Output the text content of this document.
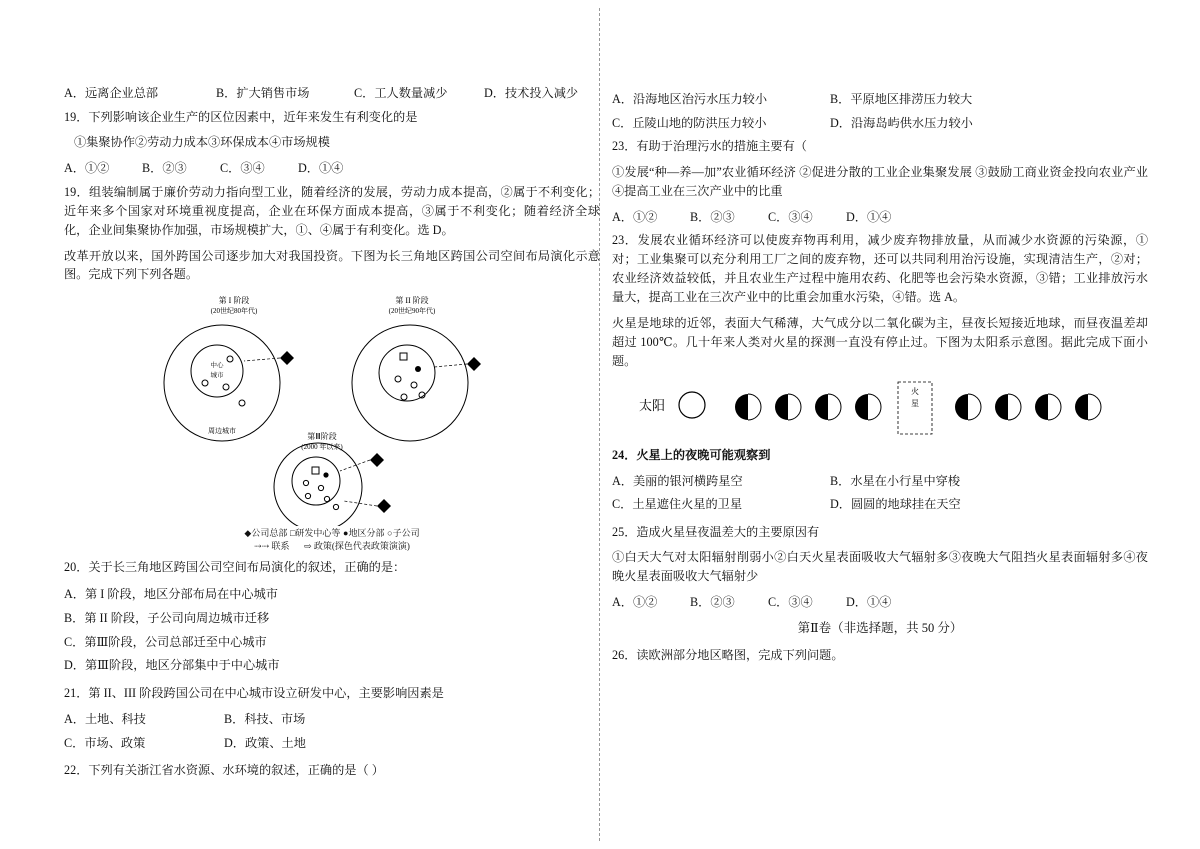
A．远离企业总部	B．扩大销售市场	C．工人数量减少	D．技术投入减少

19．下列影响该企业生产的区位因素中，近年来发生有利变化的是

①集聚协作②劳动力成本③环保成本④市场规模

A．①②	B．②③	C．③④	D．①④

19．组装编制属于廉价劳动力指向型工业，随着经济的发展，劳动力成本提高，②属于不利变化；近年来多个国家对环境重视度提高，企业在环保方面成本提高，③属于不利变化；随着经济全球化，企业间集聚协作加强，市场规模扩大，①、④属于有利变化。选 D。

改革开放以来，国外跨国公司逐步加大对我国投资。下图为长三角地区跨国公司空间布局演化示意图。完成下列下列各题。

第 I 阶段
(20世纪80年代)
中心
城市
周边城市
第 II 阶段
(20世纪90年代)
第Ⅲ阶段
(2000 年以来)
◆公司总部 □研发中心等 ●地区分部 ○子公司
⇢⇢ 联系 ⇨ 政策(探色代表政策演演)

20．关于长三角地区跨国公司空间布局演化的叙述，正确的是：

A．第 I 阶段，地区分部布局在中心城市
B．第 II 阶段，子公司向周边城市迁移
C．第Ⅲ阶段，公司总部迁至中心城市
D．第Ⅲ阶段，地区分部集中于中心城市

21．第 II、III 阶段跨国公司在中心城市设立研发中心，主要影响因素是

A．土地、科技	B．科技、市场
C．市场、政策	D．政策、土地

22．下列有关浙江省水资源、水环境的叙述，正确的是（ ）

A．沿海地区治污水压力较小	B．平原地区排涝压力较大
C．丘陵山地的防洪压力较小	D．沿海岛屿供水压力较小

23．有助于治理污水的措施主要有（

①发展“种—养—加”农业循环经济 ②促进分散的工业企业集聚发展 ③鼓励工商业资金投向农业产业 ④提高工业在三次产业中的比重

A．①②	B．②③	C．③④	D．①④

23．发展农业循环经济可以使废弃物再利用，减少废弃物排放量，从而减少水资源的污染源，①对；工业集聚可以充分利用工厂之间的废弃物，还可以共同利用治污设施，实现清洁生产，②对；农业经济效益较低，并且农业生产过程中施用农药、化肥等也会污染水资源，③错；工业排放污水量大，提高工业在三次产业中的比重会加重水污染，④错。选 A。

火星是地球的近邻，表面大气稀薄，大气成分以二氧化碳为主，昼夜长短接近地球，而昼夜温差却超过 100℃。几十年来人类对火星的探测一直没有停止过。下图为太阳系示意图。据此完成下面小题。

太阳
火
星

24．火星上的夜晚可能观察到

A．美丽的银河横跨星空	B．水星在小行星中穿梭
C．土星遮住火星的卫星	D．圆圆的地球挂在天空

25．造成火星昼夜温差大的主要原因有

①白天大气对太阳辐射削弱小②白天火星表面吸收大气辐射多③夜晚大气阻挡火星表面辐射多④夜晚火星表面吸收大气辐射少

A．①②	B．②③	C．③④	D．①④

第Ⅱ卷（非选择题，共 50 分）

26．读欧洲部分地区略图，完成下列问题。
